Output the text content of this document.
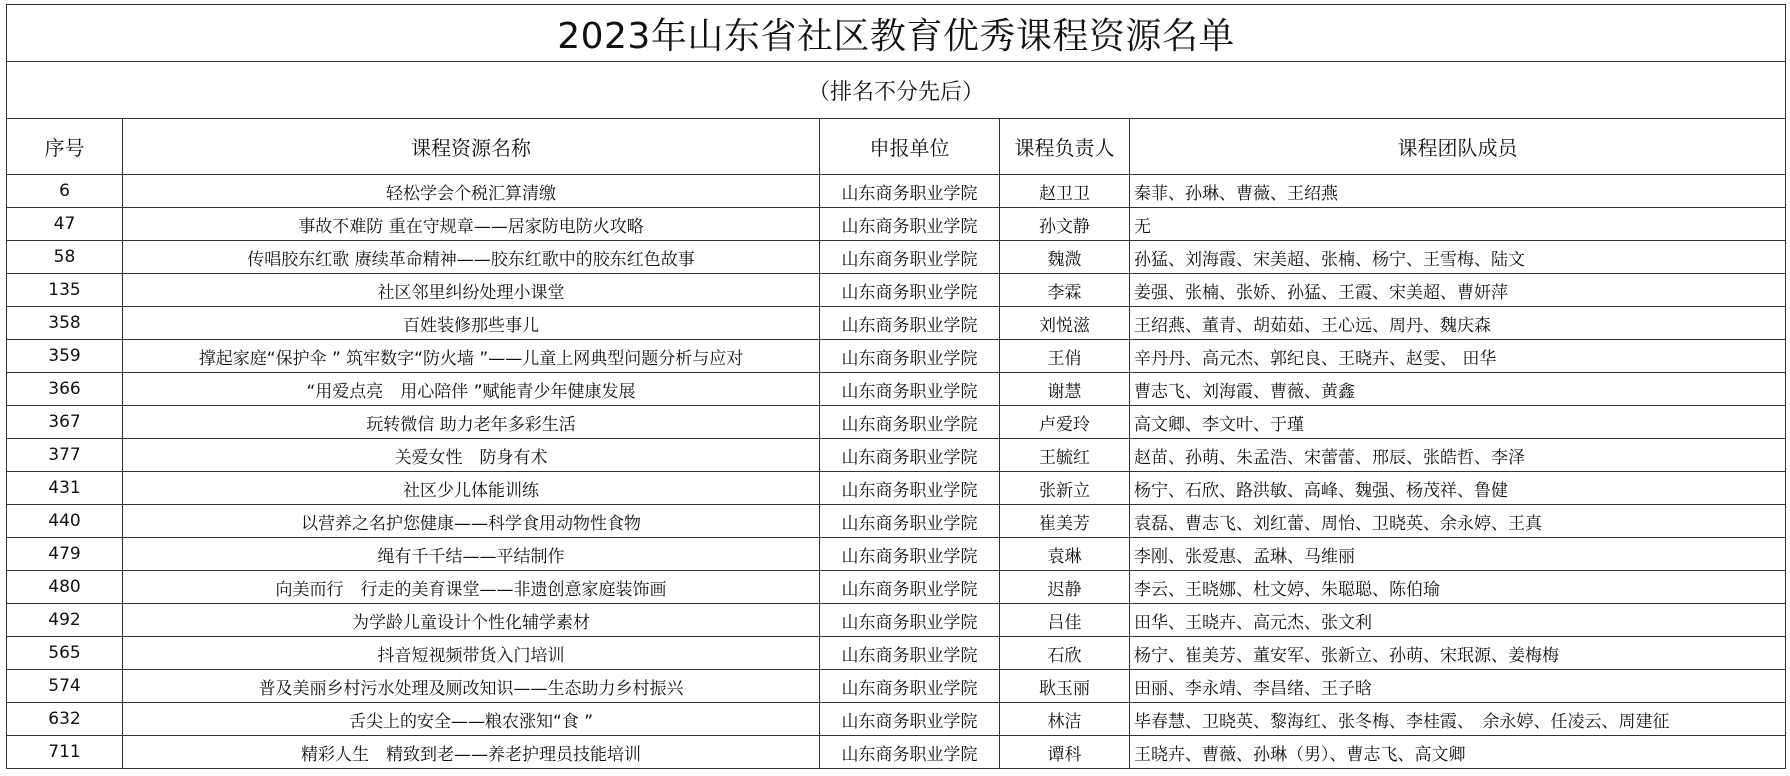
2023年山东省社区教育优秀课程资源名单				
（排名不分先后）				
序号	课程资源名称	申报单位	课程负责人	课程团队成员
6	轻松学会个税汇算清缴	山东商务职业学院	赵卫卫	秦菲、孙琳、曹薇、王绍燕
47	事故不难防 重在守规章——居家防电防火攻略	山东商务职业学院	孙文静	无
58	传唱胶东红歌 赓续革命精神——胶东红歌中的胶东红色故事	山东商务职业学院	魏溦	孙猛、刘海霞、宋美超、张楠、杨宁、王雪梅、陆文
135	社区邻里纠纷处理小课堂	山东商务职业学院	李霖	姜强、张楠、张娇、孙猛、王霞、宋美超、曹妍萍
358	百姓装修那些事儿	山东商务职业学院	刘悦滋	王绍燕、董青、胡茹茹、王心远、周丹、魏庆森
359	撑起家庭“保护伞 ” 筑牢数字“防火墙 ”——儿童上网典型问题分析与应对	山东商务职业学院	王俏	辛丹丹、高元杰、郭纪良、王晓卉、赵雯、 田华
366	“用爱点亮　用心陪伴 ”赋能青少年健康发展	山东商务职业学院	谢慧	曹志飞、刘海霞、曹薇、黄鑫
367	玩转微信 助力老年多彩生活	山东商务职业学院	卢爱玲	高文卿、李文叶、于瑾
377	关爱女性　防身有术	山东商务职业学院	王毓红	赵苗、孙萌、朱孟浩、宋蕾蕾、邢辰、张皓哲、李泽
431	社区少儿体能训练	山东商务职业学院	张新立	杨宁、石欣、路洪敏、高峰、魏强、杨茂祥、鲁健
440	以营养之名护您健康——科学食用动物性食物	山东商务职业学院	崔美芳	袁磊、曹志飞、刘红蕾、周怡、卫晓英、余永婷、王真
479	绳有千千结——平结制作	山东商务职业学院	袁琳	李刚、张爱惠、孟琳、马维丽
480	向美而行　行走的美育课堂——非遗创意家庭装饰画	山东商务职业学院	迟静	李云、王晓娜、杜文婷、朱聪聪、陈伯瑜
492	为学龄儿童设计个性化辅学素材	山东商务职业学院	吕佳	田华、王晓卉、高元杰、张文利
565	抖音短视频带货入门培训	山东商务职业学院	石欣	杨宁、崔美芳、董安军、张新立、孙萌、宋珉源、姜梅梅
574	普及美丽乡村污水处理及厕改知识——生态助力乡村振兴	山东商务职业学院	耿玉丽	田丽、李永靖、李昌绪、王子晗
632	舌尖上的安全——粮农涨知“食 ”	山东商务职业学院	林洁	毕春慧、卫晓英、黎海红、张冬梅、李桂霞、　余永婷、任凌云、周建征
711	精彩人生　精致到老——养老护理员技能培训	山东商务职业学院	谭科	王晓卉、曹薇、孙琳（男）、曹志飞、高文卿
